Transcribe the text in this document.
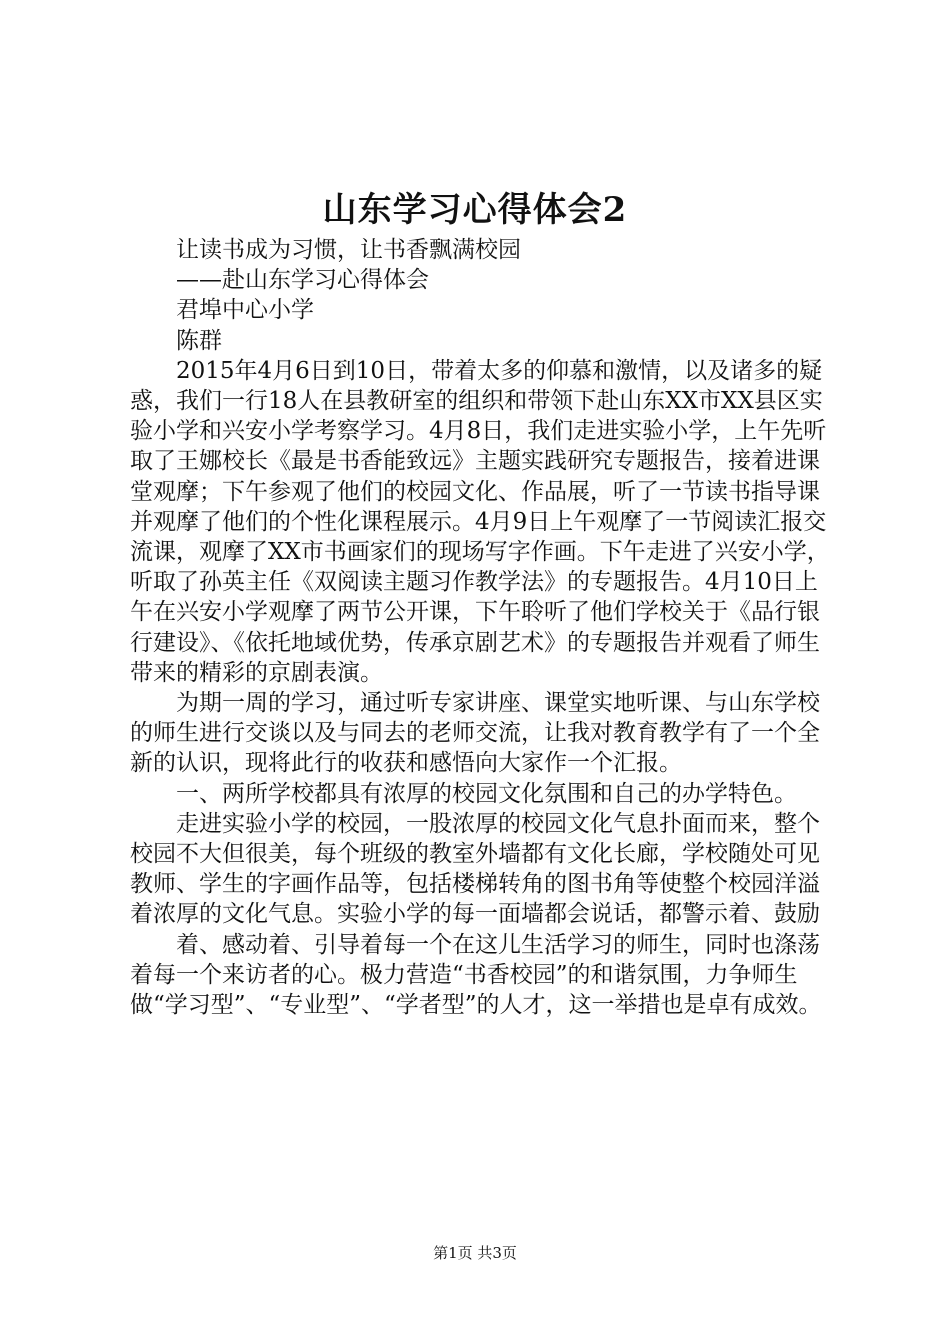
山东学习心得体会2

让读书成为习惯，让书香飘满校园

——赴山东学习心得体会

君埠中心小学

陈群

2015年4月6日到10日，带着太多的仰慕和激情，以及诸多的疑惑，我们一行18人在县教研室的组织和带领下赴山东XX市XX县区实验小学和兴安小学考察学习。4月8日，我们走进实验小学，上午先听取了王娜校长《最是书香能致远》主题实践研究专题报告，接着进课堂观摩；下午参观了他们的校园文化、作品展，听了一节读书指导课并观摩了他们的个性化课程展示。4月9日上午观摩了一节阅读汇报交流课，观摩了XX市书画家们的现场写字作画。下午走进了兴安小学，听取了孙英主任《双阅读主题习作教学法》的专题报告。4月10日上午在兴安小学观摩了两节公开课，下午聆听了他们学校关于《品行银行建设》、《依托地域优势，传承京剧艺术》的专题报告并观看了师生带来的精彩的京剧表演。

为期一周的学习，通过听专家讲座、课堂实地听课、与山东学校的师生进行交谈以及与同去的老师交流，让我对教育教学有了一个全新的认识，现将此行的收获和感悟向大家作一个汇报。

一、两所学校都具有浓厚的校园文化氛围和自己的办学特色。

走进实验小学的校园，一股浓厚的校园文化气息扑面而来，整个校园不大但很美，每个班级的教室外墙都有文化长廊，学校随处可见教师、学生的字画作品等，包括楼梯转角的图书角等使整个校园洋溢着浓厚的文化气息。实验小学的每一面墙都会说话，都警示着、鼓励

着、感动着、引导着每一个在这儿生活学习的师生，同时也涤荡着每一个来访者的心。极力营造“书香校园”的和谐氛围，力争师生做“学习型”、“专业型”、“学者型”的人才，这一举措也是卓有成效。

第1页 共3页
